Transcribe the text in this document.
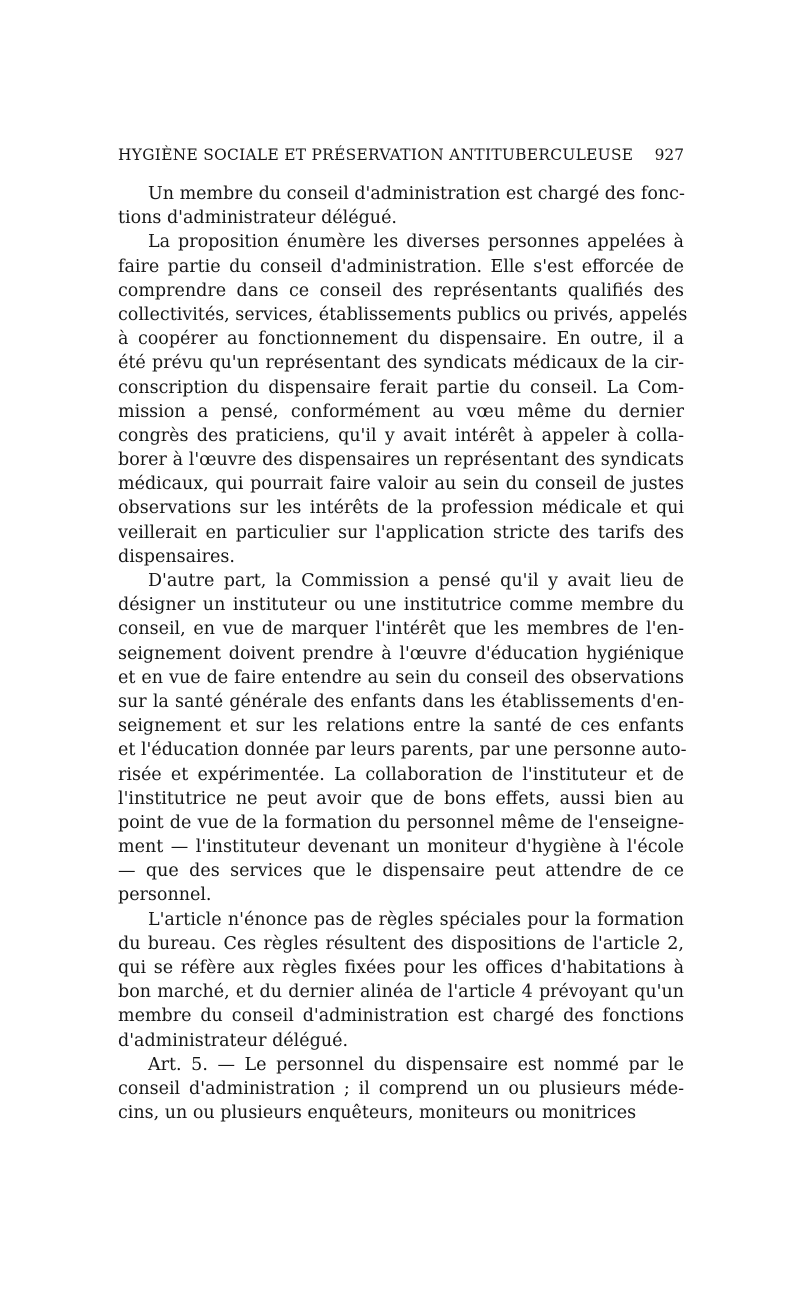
HYGIÈNE SOCIALE ET PRÉSERVATION ANTITUBERCULEUSE 927

Un membre du conseil d'administration est chargé des fonc-
tions d'administrateur délégué.

La proposition énumère les diverses personnes appelées à
faire partie du conseil d'administration. Elle s'est efforcée de
comprendre dans ce conseil des représentants qualifiés des
collectivités, services, établissements publics ou privés, appelés
à coopérer au fonctionnement du dispensaire. En outre, il a
été prévu qu'un représentant des syndicats médicaux de la cir-
conscription du dispensaire ferait partie du conseil. La Com-
mission a pensé, conformément au vœu même du dernier
congrès des praticiens, qu'il y avait intérêt à appeler à colla-
borer à l'œuvre des dispensaires un représentant des syndicats
médicaux, qui pourrait faire valoir au sein du conseil de justes
observations sur les intérêts de la profession médicale et qui
veillerait en particulier sur l'application stricte des tarifs des
dispensaires.

D'autre part, la Commission a pensé qu'il y avait lieu de
désigner un instituteur ou une institutrice comme membre du
conseil, en vue de marquer l'intérêt que les membres de l'en-
seignement doivent prendre à l'œuvre d'éducation hygiénique
et en vue de faire entendre au sein du conseil des observations
sur la santé générale des enfants dans les établissements d'en-
seignement et sur les relations entre la santé de ces enfants
et l'éducation donnée par leurs parents, par une personne auto-
risée et expérimentée. La collaboration de l'instituteur et de
l'institutrice ne peut avoir que de bons effets, aussi bien au
point de vue de la formation du personnel même de l'enseigne-
ment — l'instituteur devenant un moniteur d'hygiène à l'école
— que des services que le dispensaire peut attendre de ce
personnel.

L'article n'énonce pas de règles spéciales pour la formation
du bureau. Ces règles résultent des dispositions de l'article 2,
qui se réfère aux règles fixées pour les offices d'habitations à
bon marché, et du dernier alinéa de l'article 4 prévoyant qu'un
membre du conseil d'administration est chargé des fonctions
d'administrateur délégué.

Art. 5. — Le personnel du dispensaire est nommé par le
conseil d'administration ; il comprend un ou plusieurs méde-
cins, un ou plusieurs enquêteurs, moniteurs ou monitrices
